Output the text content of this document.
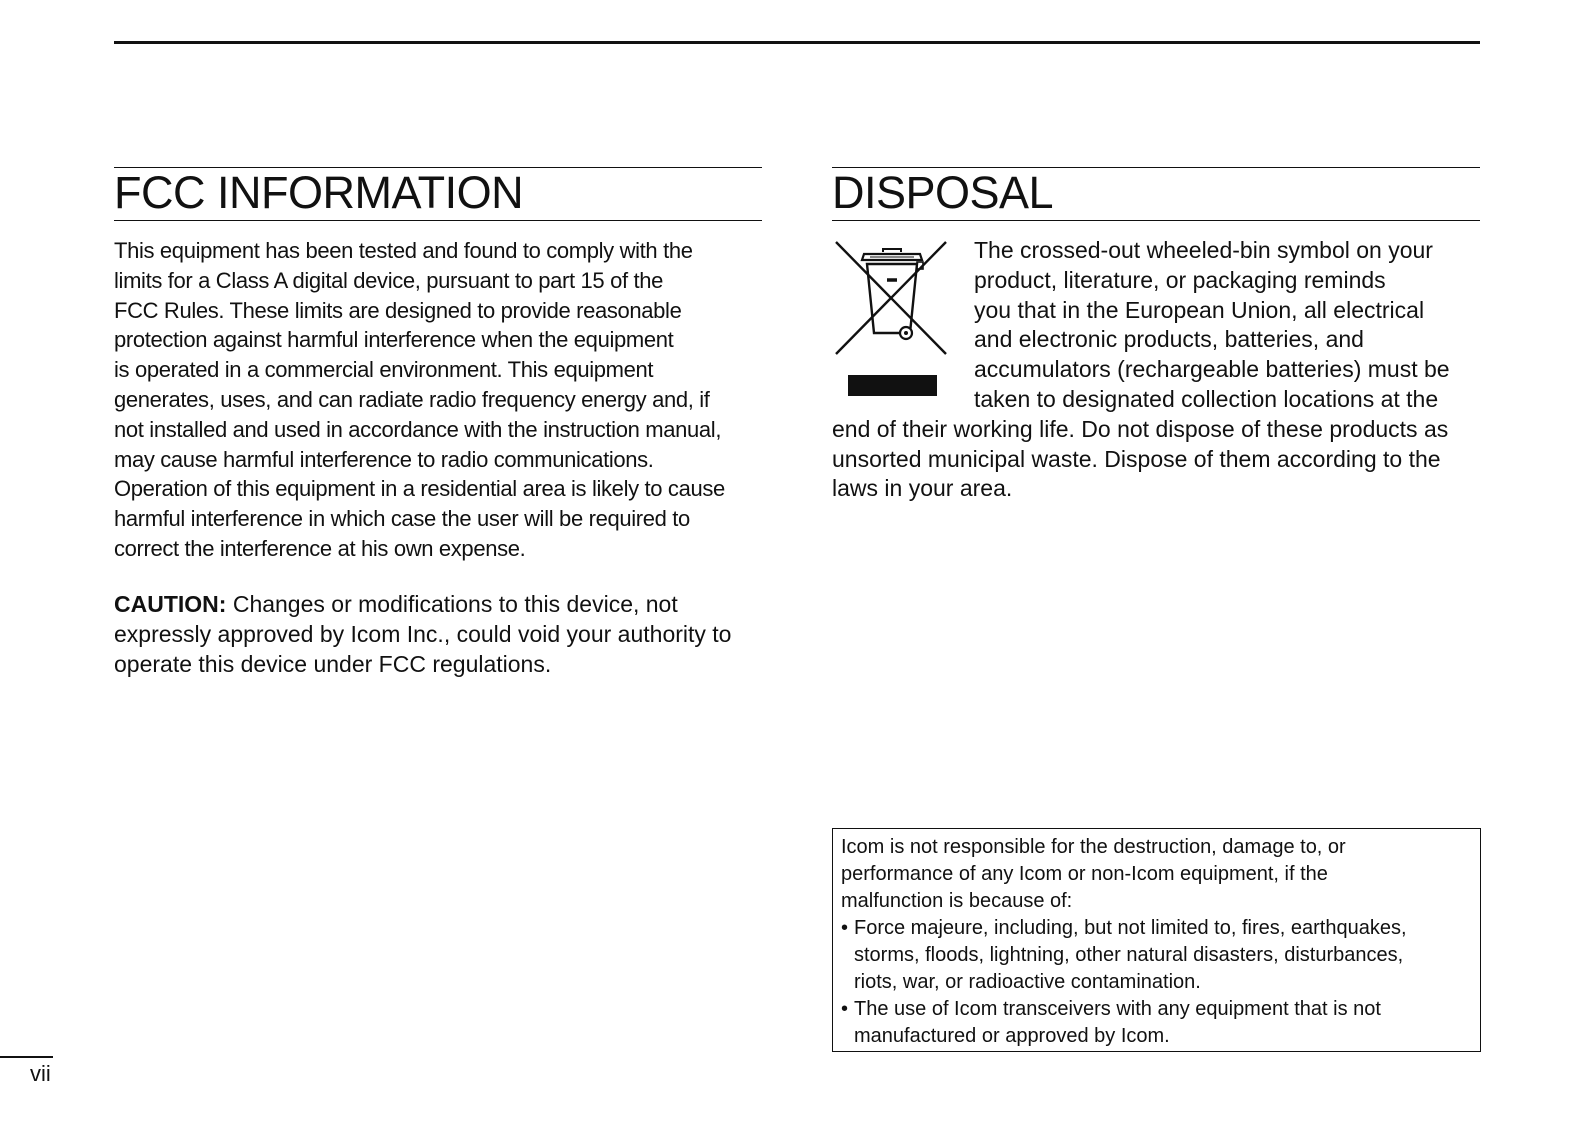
FCC INFORMATION

This equipment has been tested and found to comply with the
limits for a Class A digital device, pursuant to part 15 of the
FCC Rules. These limits are designed to provide reasonable
protection against harmful interference when the equipment
is operated in a commercial environment. This equipment
generates, uses, and can radiate radio frequency energy and, if
not installed and used in accordance with the instruction manual,
may cause harmful interference to radio communications.
Operation of this equipment in a residential area is likely to cause
harmful interference in which case the user will be required to
correct the interference at his own expense.

CAUTION: Changes or modifications to this device, not
expressly approved by Icom Inc., could void your authority to
operate this device under FCC regulations.

DISPOSAL

The crossed-out wheeled-bin symbol on your
product, literature, or packaging reminds
you that in the European Union, all electrical
and electronic products, batteries, and
accumulators (rechargeable batteries) must be
taken to designated collection locations at the
end of their working life. Do not dispose of these products as
unsorted municipal waste. Dispose of them according to the
laws in your area.

Icom is not responsible for the destruction, damage to, or
performance of any Icom or non-Icom equipment, if the
malfunction is because of:

• Force majeure, including, but not limited to, fires, earthquakes,
storms, floods, lightning, other natural disasters, disturbances,
riots, war, or radioactive contamination.
• The use of Icom transceivers with any equipment that is not
manufactured or approved by Icom.
vii
